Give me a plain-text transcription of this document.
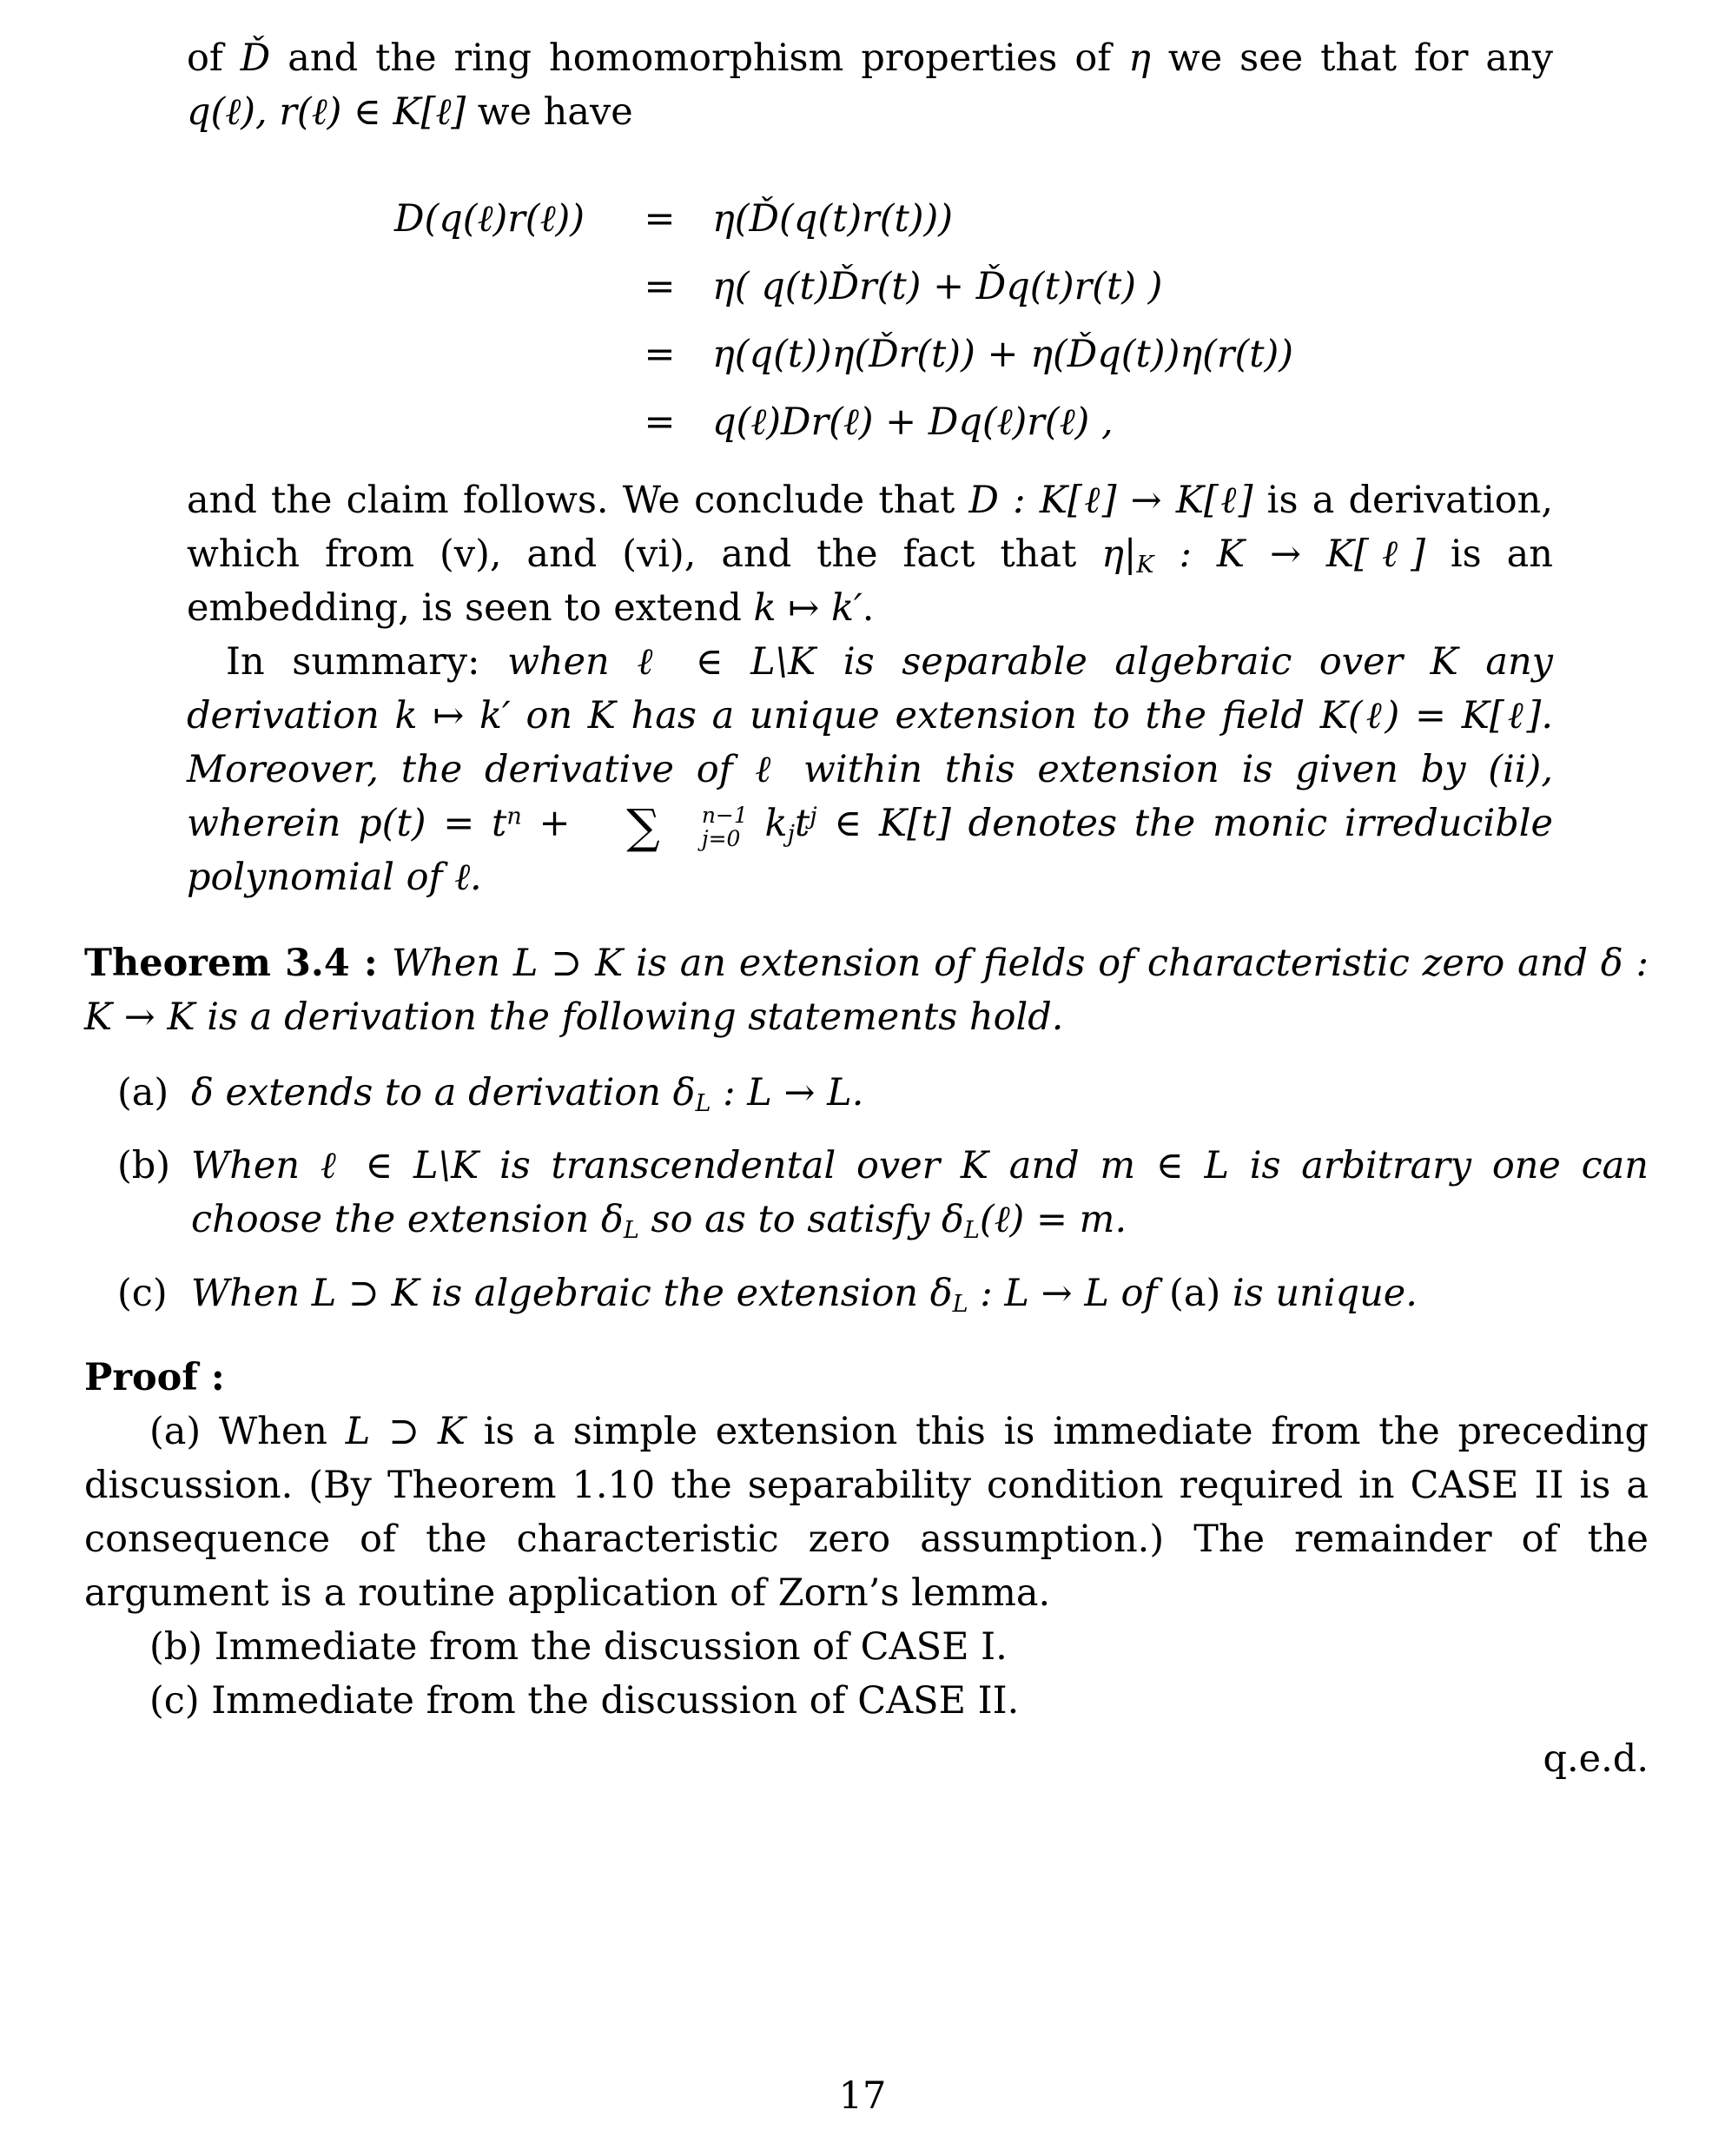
of Ď and the ring homomorphism properties of η we see that for any q(ℓ), r(ℓ) ∈ K[ℓ] we have

D(q(ℓ)r(ℓ))	= η(Ď(q(t)r(t)))
= η( q(t)Ďr(t) + Ďq(t)r(t) )
= η(q(t))η(Ďr(t)) + η(Ďq(t))η(r(t))
= q(ℓ)Dr(ℓ) + Dq(ℓ)r(ℓ) ,

and the claim follows. We conclude that D : K[ℓ] → K[ℓ] is a derivation, which from (v), and (vi), and the fact that η|K : K → K[ℓ] is an embedding, is seen to extend k ↦ k′.

In summary: when ℓ ∈ L\K is separable algebraic over K any derivation k ↦ k′ on K has a unique extension to the field K(ℓ) = K[ℓ]. Moreover, the derivative of ℓ within this extension is given by (ii), wherein $p(t) = t^n$ + ∑	n−1
j=0 kjt$^j$ ∈ K[t] denotes the monic irreducible polynomial of ℓ.

Theorem 3.4 : When L ⊃ K is an extension of fields of characteristic zero and δ : K → K is a derivation the following statements hold.

(a) δ extends to a derivation δL : L → L.
(b) When ℓ ∈ L\K is transcendental over K and m ∈ L is arbitrary one can choose the extension δL so as to satisfy δL(ℓ) = m.
(c) When L ⊃ K is algebraic the extension δL : L → L of (a) is unique.

Proof :

(a) When L ⊃ K is a simple extension this is immediate from the preceding discussion. (By Theorem 1.10 the separability condition required in CASE II is a consequence of the characteristic zero assumption.) The remainder of the argument is a routine application of Zorn’s lemma.

(b) Immediate from the discussion of CASE I.

(c) Immediate from the discussion of CASE II.

q.e.d.

17
